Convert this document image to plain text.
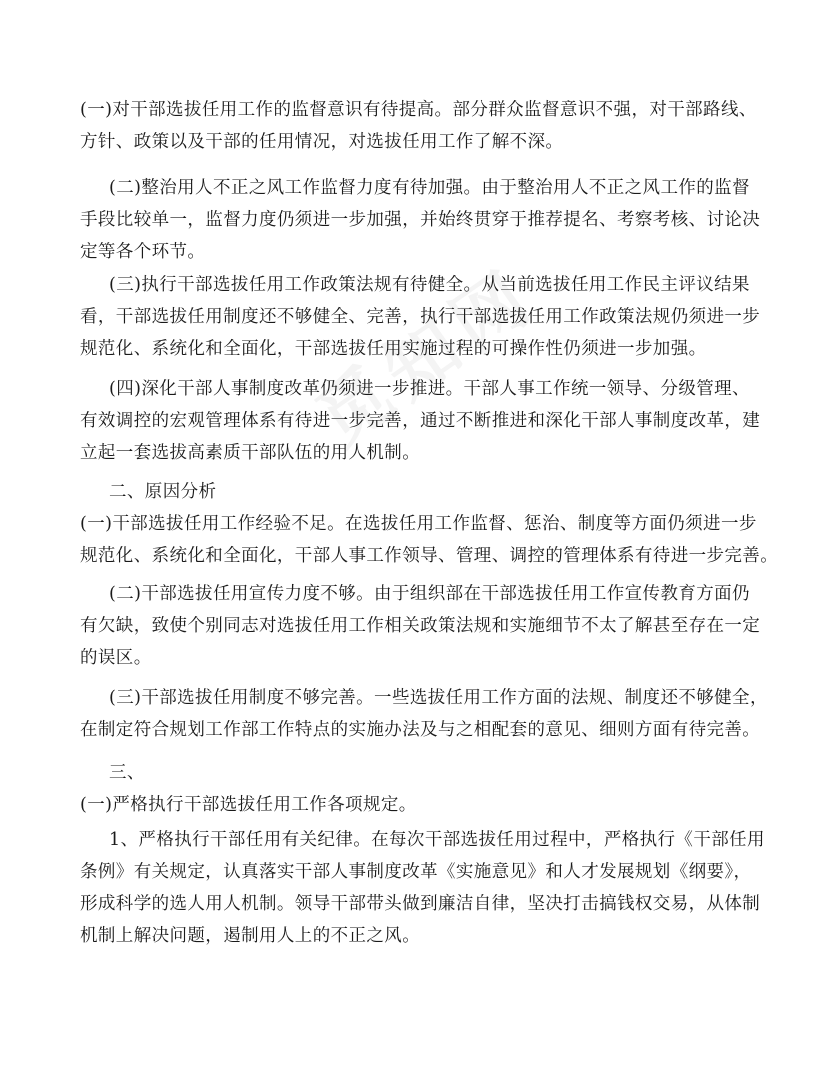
(一)对干部选拔任用工作的监督意识有待提高。部分群众监督意识不强，对干部路线、
方针、政策以及干部的任用情况，对选拔任用工作了解不深。

(二)整治用人不正之风工作监督力度有待加强。由于整治用人不正之风工作的监督
手段比较单一，监督力度仍须进一步加强，并始终贯穿于推荐提名、考察考核、讨论决
定等各个环节。

(三)执行干部选拔任用工作政策法规有待健全。从当前选拔任用工作民主评议结果
看，干部选拔任用制度还不够健全、完善，执行干部选拔任用工作政策法规仍须进一步
规范化、系统化和全面化，干部选拔任用实施过程的可操作性仍须进一步加强。

(四)深化干部人事制度改革仍须进一步推进。干部人事工作统一领导、分级管理、
有效调控的宏观管理体系有待进一步完善，通过不断推进和深化干部人事制度改革，建
立起一套选拔高素质干部队伍的用人机制。

二、原因分析
(一)干部选拔任用工作经验不足。在选拔任用工作监督、惩治、制度等方面仍须进一步
规范化、系统化和全面化，干部人事工作领导、管理、调控的管理体系有待进一步完善。

(二)干部选拔任用宣传力度不够。由于组织部在干部选拔任用工作宣传教育方面仍
有欠缺，致使个别同志对选拔任用工作相关政策法规和实施细节不太了解甚至存在一定
的误区。

(三)干部选拔任用制度不够完善。一些选拔任用工作方面的法规、制度还不够健全，
在制定符合规划工作部工作特点的实施办法及与之相配套的意见、细则方面有待完善。

三、
(一)严格执行干部选拔任用工作各项规定。

1、严格执行干部任用有关纪律。在每次干部选拔任用过程中，严格执行《干部任用
条例》有关规定，认真落实干部人事制度改革《实施意见》和人才发展规划《纲要》，
形成科学的选人用人机制。领导干部带头做到廉洁自律，坚决打击搞钱权交易，从体制
机制上解决问题，遏制用人上的不正之风。
